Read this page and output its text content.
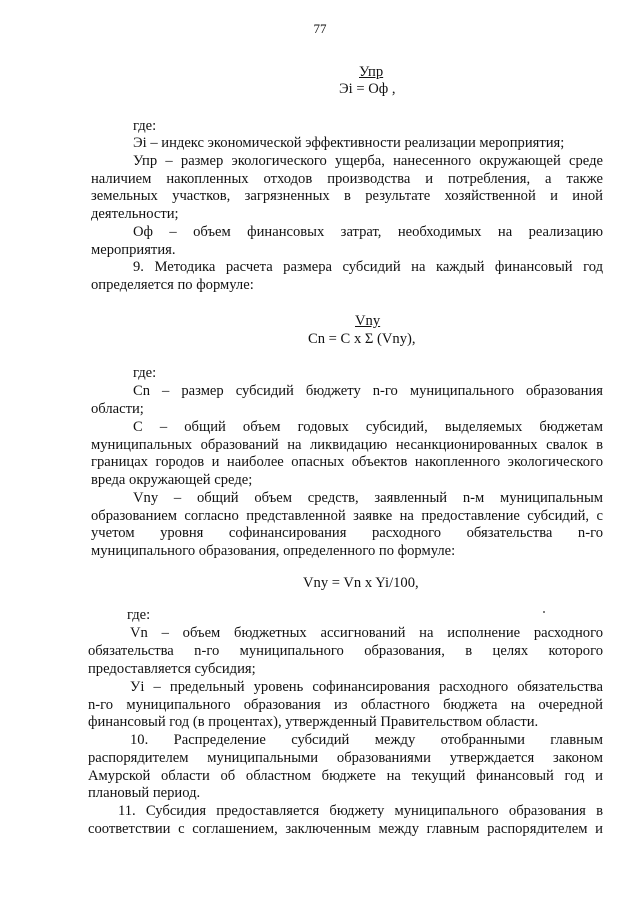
77
Упр
Эi = Оф ,
где:
Эi – индекс экономической эффективности реализации мероприятия;
Упр – размер экологического ущерба, нанесенного окружающей среде
наличием накопленных отходов производства и потребления, а также
земельных участков, загрязненных в результате хозяйственной и иной
деятельности;
Оф – объем финансовых затрат, необходимых на реализацию
мероприятия.
9. Методика расчета размера субсидий на каждый финансовый год
определяется по формуле:
Vny
Cn = C x Σ (Vny),
где:
Cn – размер субсидий бюджету n-го муниципального образования
области;
С – общий объем годовых субсидий, выделяемых бюджетам
муниципальных образований на ликвидацию несанкционированных свалок в
границах городов и наиболее опасных объектов накопленного экологического
вреда окружающей среде;
Vny – общий объем средств, заявленный n-м муниципальным
образованием согласно представленной заявке на предоставление субсидий, с
учетом уровня софинансирования расходного обязательства n-го
муниципального образования, определенного по формуле:
Vny = Vn x Yi/100,
где:
Vn – объем бюджетных ассигнований на исполнение расходного
обязательства n-го муниципального образования, в целях которого
предоставляется субсидия;
Уi – предельный уровень софинансирования расходного обязательства
n-го муниципального образования из областного бюджета на очередной
финансовый год (в процентах), утвержденный Правительством области.
10. Распределение субсидий между отобранными главным
распорядителем муниципальными образованиями утверждается законом
Амурской области об областном бюджете на текущий финансовый год и
плановый период.
11. Субсидия предоставляется бюджету муниципального образования в
соответствии с соглашением, заключенным между главным распорядителем и
